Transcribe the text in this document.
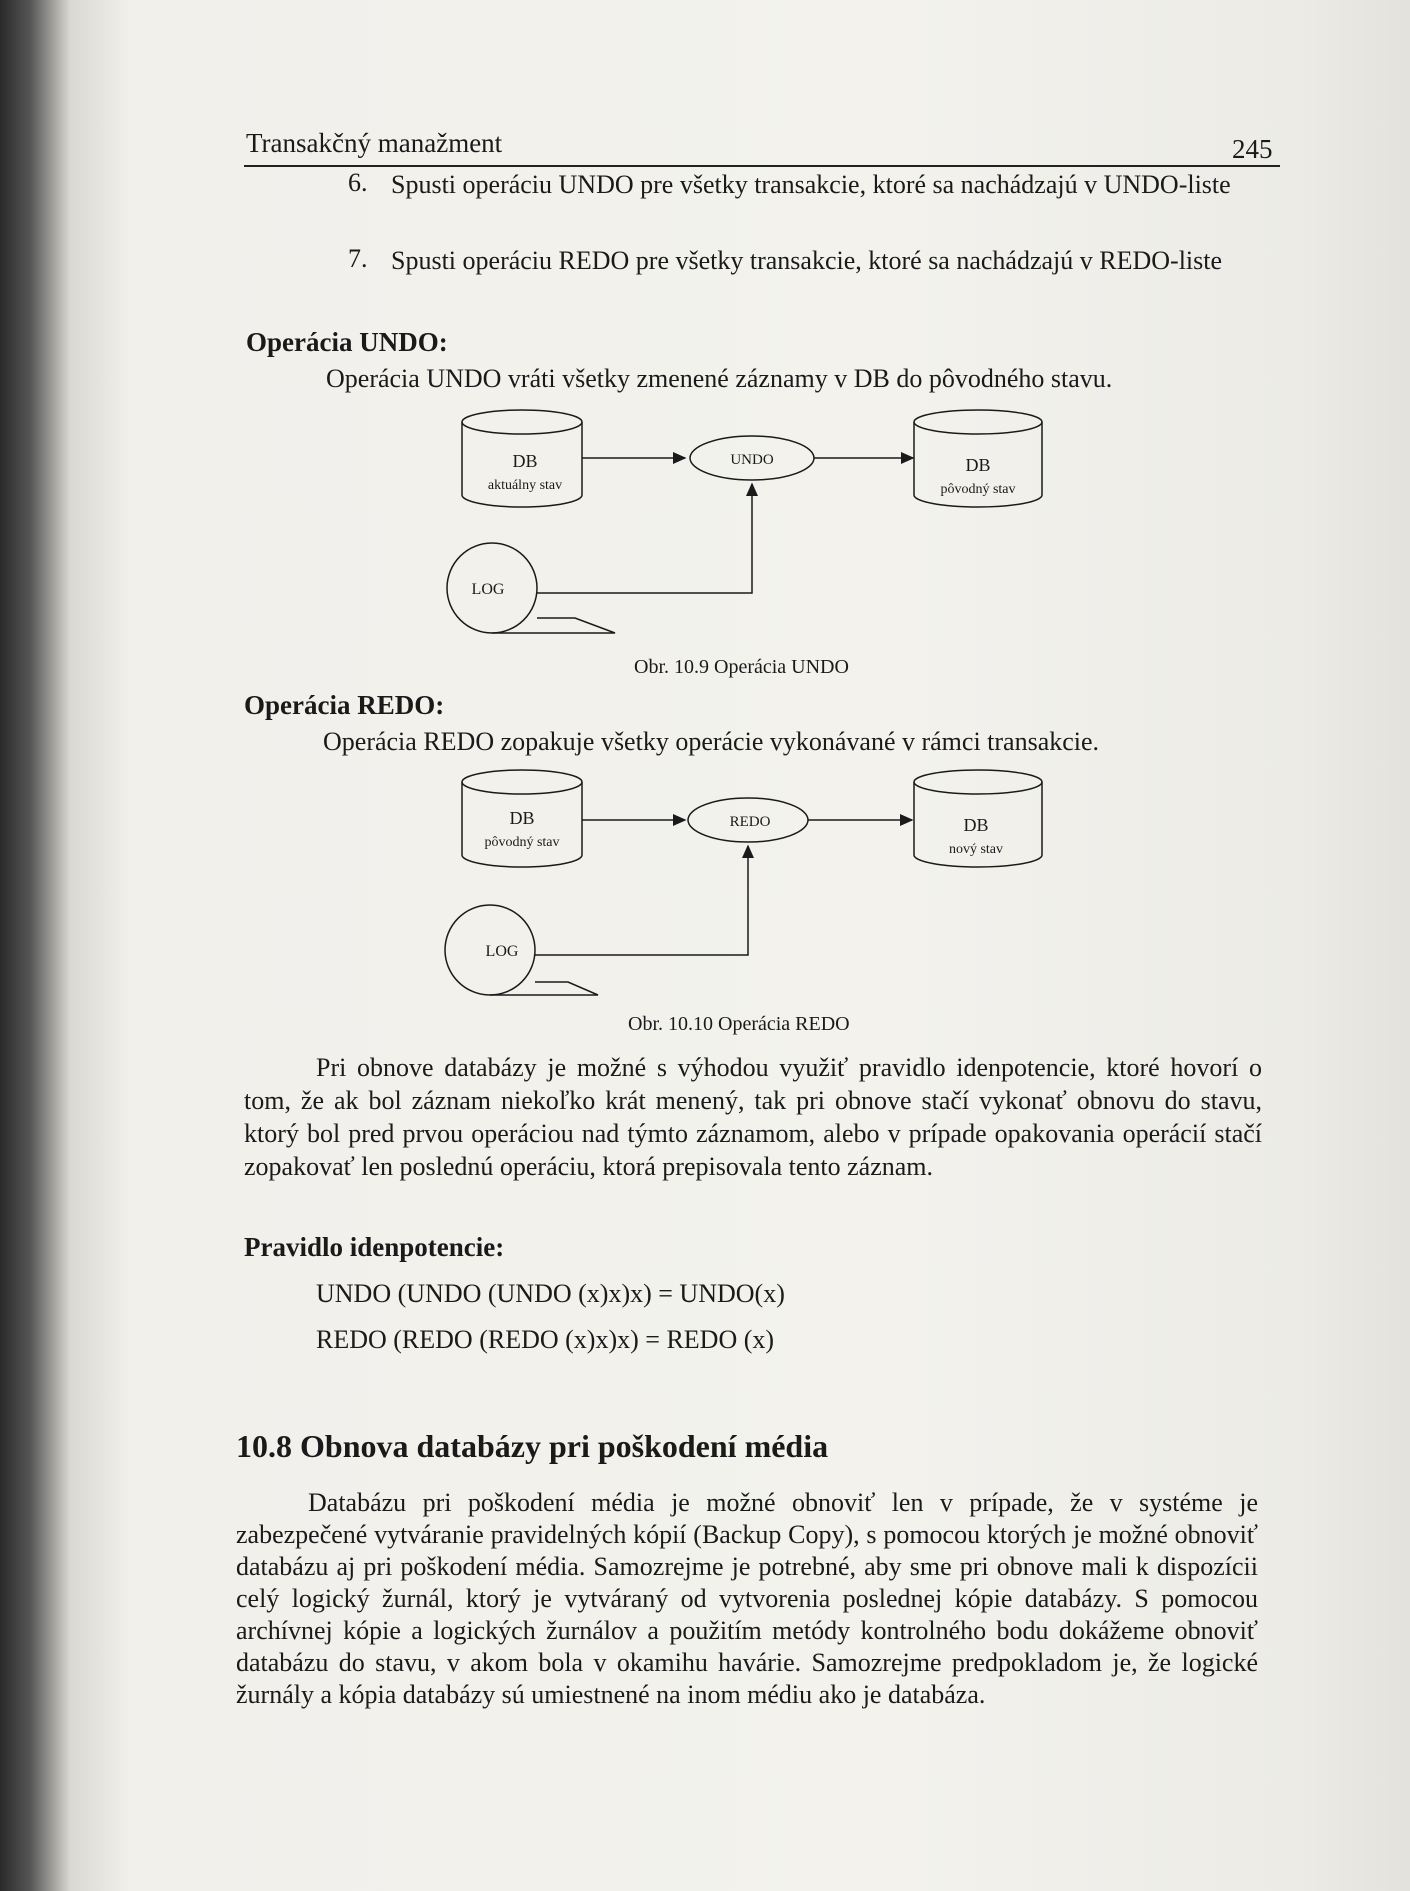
Transakčný manažment	245
6. Spusti operáciu UNDO pre všetky transakcie, ktoré sa nachádzajú v UNDO-liste
7. Spusti operáciu REDO pre všetky transakcie, ktoré sa nachádzajú v REDO-liste
Operácia UNDO:
Operácia UNDO vráti všetky zmenené záznamy v DB do pôvodného stavu.
DB
aktuálny stav
UNDO	DB
pôvodný stav
LOG
Obr. 10.9 Operácia UNDO
Operácia REDO:
Operácia REDO zopakuje všetky operácie vykonávané v rámci transakcie.
DB
pôvodný stav
REDO	DB
nový stav
LOG
Obr. 10.10 Operácia REDO
Pri obnove databázy je možné s výhodou využiť pravidlo idenpotencie, ktoré hovorí o tom, že ak bol záznam niekoľko krát menený, tak pri obnove stačí vykonať obnovu do stavu, ktorý bol pred prvou operáciou nad týmto záznamom, alebo v prípade opakovania operácií stačí zopakovať len poslednú operáciu, ktorá prepisovala tento záznam.
Pravidlo idenpotencie:
UNDO (UNDO (UNDO (x)x)x) = UNDO(x)
REDO (REDO (REDO (x)x)x) = REDO (x)
10.8 Obnova databázy pri poškodení média
Databázu pri poškodení média je možné obnoviť len v prípade, že v systéme je zabezpečené vytváranie pravidelných kópií (Backup Copy), s pomocou ktorých je možné obnoviť databázu aj pri poškodení média. Samozrejme je potrebné, aby sme pri obnove mali k dispozícii celý logický žurnál, ktorý je vytváraný od vytvorenia poslednej kópie databázy. S pomocou archívnej kópie a logických žurnálov a použitím metódy kontrolného bodu dokážeme obnoviť databázu do stavu, v akom bola v okamihu havárie. Samozrejme predpokladom je, že logické žurnály a kópia databázy sú umiestnené na inom médiu ako je databáza.
